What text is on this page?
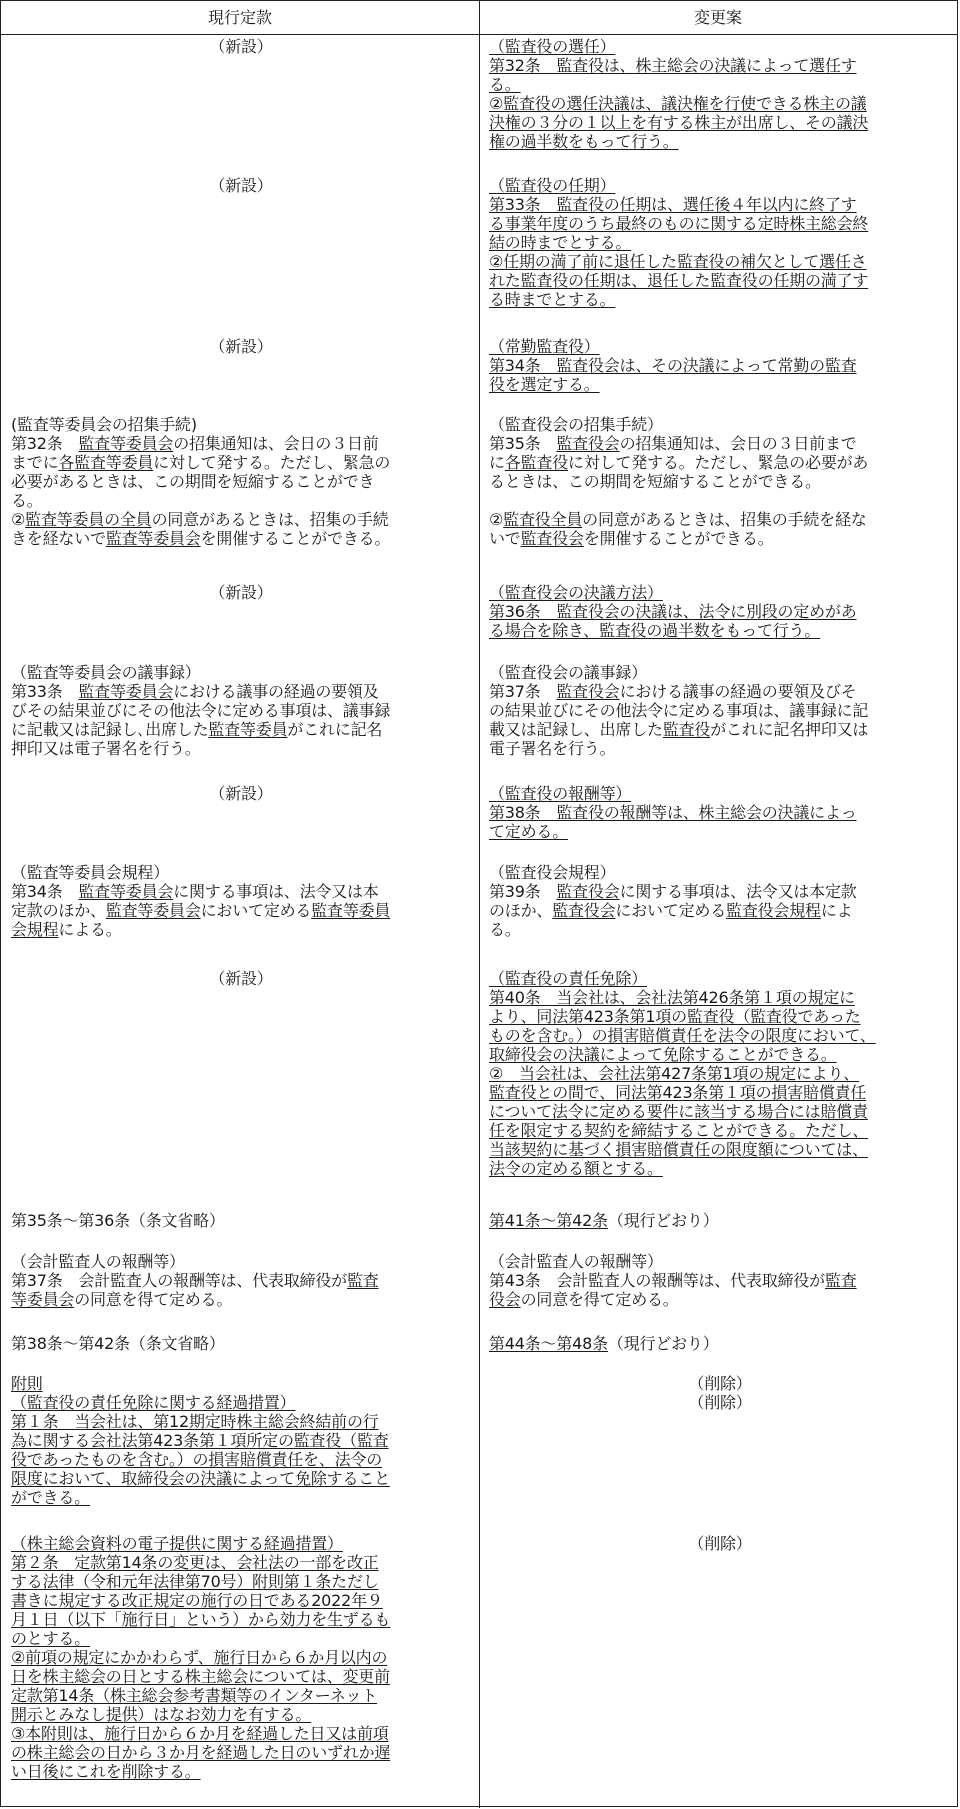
現行定款	変更案
（新設）
（新設）
（新設）
(監査等委員会の招集手続)
第32条　監査等委員会の招集通知は、会日の３日前
までに各監査等委員に対して発する。ただし、緊急の
必要があるときは、この期間を短縮することができ
る。
②監査等委員の全員の同意があるときは、招集の手続
きを経ないで監査等委員会を開催することができる。
（新設）
（監査等委員会の議事録）
第33条　監査等委員会における議事の経過の要領及
びその結果並びにその他法令に定める事項は、議事録
に記載又は記録し､出席した監査等委員がこれに記名
押印又は電子署名を行う。
（新設）
（監査等委員会規程）
第34条　監査等委員会に関する事項は、法令又は本
定款のほか、監査等委員会において定める監査等委員
会規程による。
（新設）
第35条～第36条（条文省略）
（会計監査人の報酬等）
第37条　会計監査人の報酬等は、代表取締役が監査
等委員会の同意を得て定める。
第38条～第42条（条文省略）
附則
（監査役の責任免除に関する経過措置）
第１条　当会社は、第12期定時株主総会終結前の行
為に関する会社法第423条第１項所定の監査役（監査
役であったものを含む。）の損害賠償責任を、法令の
限度において、取締役会の決議によって免除すること
ができる。
（株主総会資料の電子提供に関する経過措置）
第２条　定款第14条の変更は、会社法の一部を改正
する法律（令和元年法律第70号）附則第１条ただし
書きに規定する改正規定の施行の日である2022年９
月１日（以下「施行日」という）から効力を生ずるも
のとする。
②前項の規定にかかわらず、施行日から６か月以内の
日を株主総会の日とする株主総会については、変更前
定款第14条（株主総会参考書類等のインターネット
開示とみなし提供）はなお効力を有する。
③本附則は、施行日から６か月を経過した日又は前項
の株主総会の日から３か月を経過した日のいずれか遅
い日後にこれを削除する。
（監査役の選任）
第32条　監査役は、株主総会の決議によって選任す
る。
②監査役の選任決議は、議決権を行使できる株主の議
決権の３分の１以上を有する株主が出席し、その議決
権の過半数をもって行う。
（監査役の任期）
第33条　監査役の任期は、選任後４年以内に終了す
る事業年度のうち最終のものに関する定時株主総会終
結の時までとする。
②任期の満了前に退任した監査役の補欠として選任さ
れた監査役の任期は、退任した監査役の任期の満了す
る時までとする。
（常勤監査役）
第34条　監査役会は、その決議によって常勤の監査
役を選定する。
（監査役会の招集手続）
第35条　監査役会の招集通知は、会日の３日前まで
に各監査役に対して発する。ただし、緊急の必要があ
るときは、この期間を短縮することができる。
②監査役全員の同意があるときは、招集の手続を経な
いで監査役会を開催することができる。
（監査役会の決議方法）
第36条　監査役会の決議は、法令に別段の定めがあ
る場合を除き、監査役の過半数をもって行う。
（監査役会の議事録）
第37条　監査役会における議事の経過の要領及びそ
の結果並びにその他法令に定める事項は、議事録に記
載又は記録し、出席した監査役がこれに記名押印又は
電子署名を行う。
（監査役の報酬等）
第38条　監査役の報酬等は、株主総会の決議によっ
て定める。
（監査役会規程）
第39条　監査役会に関する事項は、法令又は本定款
のほか、監査役会において定める監査役会規程によ
る。
（監査役の責任免除）
第40条　当会社は、会社法第426条第１項の規定に
より、同法第423条第1項の監査役（監査役であった
ものを含む。）の損害賠償責任を法令の限度において、
取締役会の決議によって免除することができる。
②　当会社は、会社法第427条第1項の規定により、
監査役との間で、同法第423条第１項の損害賠償責任
について法令に定める要件に該当する場合には賠償責
任を限定する契約を締結することができる。ただし、
当該契約に基づく損害賠償責任の限度額については、
法令の定める額とする。
第41条～第42条（現行どおり）
（会計監査人の報酬等）
第43条　会計監査人の報酬等は、代表取締役が監査
役会の同意を得て定める。
第44条～第48条（現行どおり）
（削除）
（削除）
（削除）
